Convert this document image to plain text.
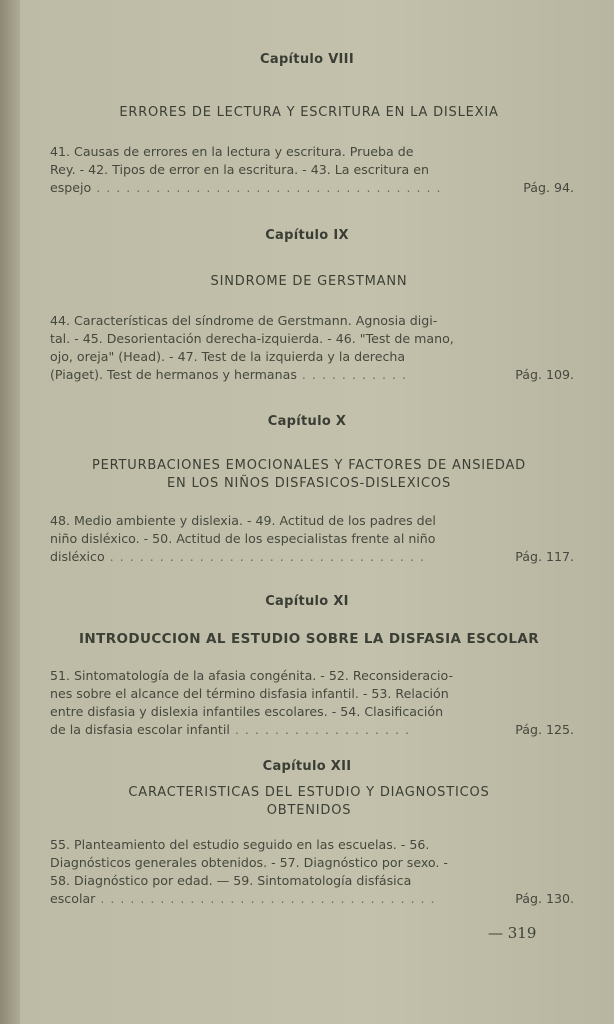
Capítulo VIII
ERRORES DE LECTURA Y ESCRITURA EN LA DISLEXIA
41. Causas de errores en la lectura y escritura. Prueba de
Rey. - 42. Tipos de error en la escritura. - 43. La escritura en
espejo . . . . . . . . . . . . . . . . . . . . . . . . . . . . . . . . . . .	Pág. 94.
Capítulo IX
SINDROME DE GERSTMANN
44. Características del síndrome de Gerstmann. Agnosia digi-
tal. - 45. Desorientación derecha-izquierda. - 46. "Test de mano,
ojo, oreja" (Head). - 47. Test de la izquierda y la derecha
(Piaget). Test de hermanos y hermanas . . . . . . . . . . .	Pág. 109.
Capítulo X
PERTURBACIONES EMOCIONALES Y FACTORES DE ANSIEDAD
EN LOS NIÑOS DISFASICOS-DISLEXICOS
48. Medio ambiente y dislexia. - 49. Actitud de los padres del
niño disléxico. - 50. Actitud de los especialistas frente al niño
disléxico . . . . . . . . . . . . . . . . . . . . . . . . . . . . . . . .	Pág. 117.
Capítulo XI
INTRODUCCION AL ESTUDIO SOBRE LA DISFASIA ESCOLAR
51. Sintomatología de la afasia congénita. - 52. Reconsideracio-
nes sobre el alcance del término disfasia infantil. - 53. Relación
entre disfasia y dislexia infantiles escolares. - 54. Clasificación
de la disfasia escolar infantil . . . . . . . . . . . . . . . . . .	Pág. 125.
Capítulo XII
CARACTERISTICAS DEL ESTUDIO Y DIAGNOSTICOS
OBTENIDOS
55. Planteamiento del estudio seguido en las escuelas. - 56.
Diagnósticos generales obtenidos. - 57. Diagnóstico por sexo. -
58. Diagnóstico por edad. — 59. Sintomatología disfásica
escolar . . . . . . . . . . . . . . . . . . . . . . . . . . . . . . . . . .	Pág. 130.
— 319
